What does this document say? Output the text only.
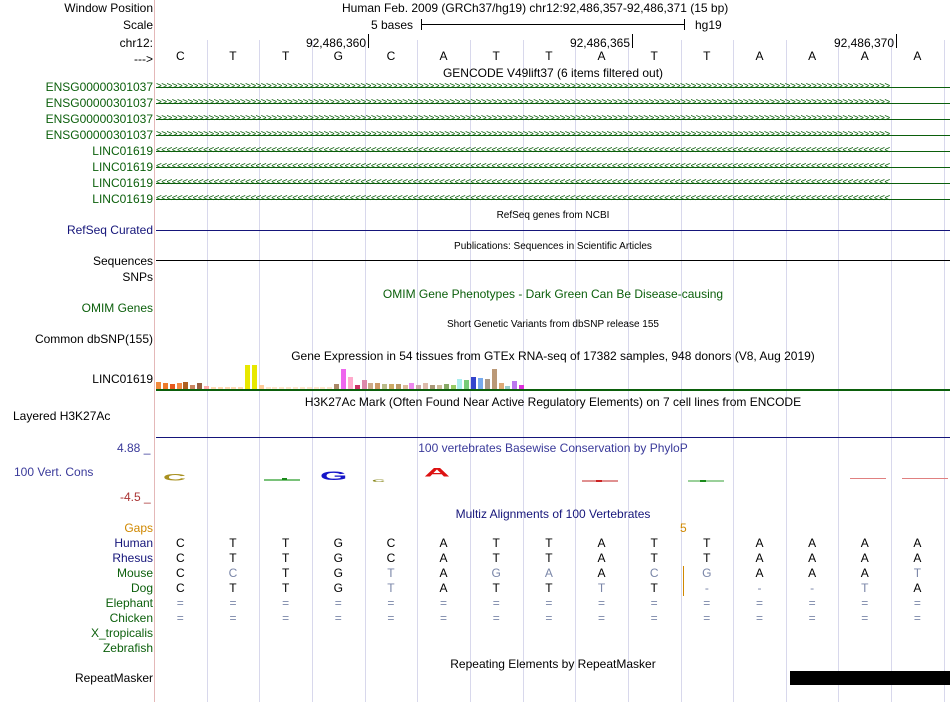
Window Position	Human Feb. 2009 (GRCh37/hg19) chr12:92,486,357-92,486,371 (15 bp)
Scale	5 bases	hg19
chr12:	92,486,360	92,486,365	92,486,370
--->	C	T	T	G	C	A	T	T	A	T	T	A	A	A	A
GENCODE V49lift37 (6 items filtered out)
ENSG00000301037 >>>>>>>>>>>>>>>>>>>>>>>>>>>>>>>>>>>>>>>>>>>>>>>>>>>>>>>>>>>>>>>>>>>>>>>>>>>>>>>>>>>>>>>>>>>>>>>>>>>>>>>>>>>>>>>>>>>>>>>>>>>>>>>>>>>>>>>>>>>>
ENSG00000301037 >>>>>>>>>>>>>>>>>>>>>>>>>>>>>>>>>>>>>>>>>>>>>>>>>>>>>>>>>>>>>>>>>>>>>>>>>>>>>>>>>>>>>>>>>>>>>>>>>>>>>>>>>>>>>>>>>>>>>>>>>>>>>>>>>>>>>>>>>>>>
ENSG00000301037 >>>>>>>>>>>>>>>>>>>>>>>>>>>>>>>>>>>>>>>>>>>>>>>>>>>>>>>>>>>>>>>>>>>>>>>>>>>>>>>>>>>>>>>>>>>>>>>>>>>>>>>>>>>>>>>>>>>>>>>>>>>>>>>>>>>>>>>>>>>>
ENSG00000301037 >>>>>>>>>>>>>>>>>>>>>>>>>>>>>>>>>>>>>>>>>>>>>>>>>>>>>>>>>>>>>>>>>>>>>>>>>>>>>>>>>>>>>>>>>>>>>>>>>>>>>>>>>>>>>>>>>>>>>>>>>>>>>>>>>>>>>>>>>>>>
LINC01619 <<<<<<<<<<<<<<<<<<<<<<<<<<<<<<<<<<<<<<<<<<<<<<<<<<<<<<<<<<<<<<<<<<<<<<<<<<<<<<<<<<<<<<<<<<<<<<<<<<<<<<<<<<<<<<<<<<<<<<<<<<<<<<<<<<<<<<<<<<<<
LINC01619 <<<<<<<<<<<<<<<<<<<<<<<<<<<<<<<<<<<<<<<<<<<<<<<<<<<<<<<<<<<<<<<<<<<<<<<<<<<<<<<<<<<<<<<<<<<<<<<<<<<<<<<<<<<<<<<<<<<<<<<<<<<<<<<<<<<<<<<<<<<<
LINC01619 <<<<<<<<<<<<<<<<<<<<<<<<<<<<<<<<<<<<<<<<<<<<<<<<<<<<<<<<<<<<<<<<<<<<<<<<<<<<<<<<<<<<<<<<<<<<<<<<<<<<<<<<<<<<<<<<<<<<<<<<<<<<<<<<<<<<<<<<<<<<
LINC01619 <<<<<<<<<<<<<<<<<<<<<<<<<<<<<<<<<<<<<<<<<<<<<<<<<<<<<<<<<<<<<<<<<<<<<<<<<<<<<<<<<<<<<<<<<<<<<<<<<<<<<<<<<<<<<<<<<<<<<<<<<<<<<<<<<<<<<<<<<<<<
RefSeq genes from NCBI
RefSeq Curated
Publications: Sequences in Scientific Articles
Sequences
SNPs
OMIM Gene Phenotypes - Dark Green Can Be Disease-causing
OMIM Genes
Short Genetic Variants from dbSNP release 155
Common dbSNP(155)
Gene Expression in 54 tissues from GTEx RNA-seq of 17382 samples, 948 donors (V8, Aug 2019)
LINC01619
H3K27Ac Mark (Often Found Near Active Regulatory Elements) on 7 cell lines from ENCODE
Layered H3K27Ac
100 vertebrates Basewise Conservation by PhyloP
4.88 _
100 Vert. Cons
-4.5 _
C	G	C
A
Multiz Alignments of 100 Vertebrates
Gaps	5
Human	C	T	T	G	C	A	T	T	A	T	T	A	A	A	A
Rhesus	C	T	T	G	C	A	T	T	A	T	T	A	A	A	A
Mouse	C	C	T	G	T	A	G	A	A	C	G	A	A	A	T
Dog	C	T	T	G	T	A	T	T	T	T	-	-	-	T	A
Elephant	=	=	=	=	=	=	=	=	=	=	=	=	=	=	=
Chicken	=	=	=	=	=	=	=	=	=	=	=	=	=	=	=
X_tropicalis
Zebrafish
Repeating Elements by RepeatMasker
RepeatMasker
